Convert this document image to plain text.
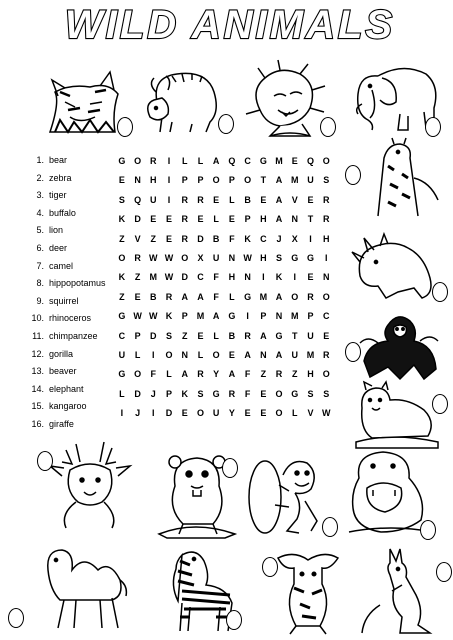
WILD ANIMALS
1. bear
2. zebra
3. tiger
4. buffalo
5. lion
6. deer
7. camel
8. hippopotamus
9. squirrel
10. rhinoceros
11. chimpanzee
12. gorilla
13. beaver
14. elephant
15. kangaroo
16. giraffe
G O R	I	L	L	A Q C G M E	Q O
E	N	H	I	P	P	O	P	O	T	A M U	S
S	Q U	I	R	R	E	L	B	E	A	V	E	R
K	D	E	E	R	E	L	E	P	H	A	N	T	R
Z	V	Z	E	R	D	B	F	K	C	J	X	I	H
O R W W O	X	U	N W H	S	G G	I
K	Z	M W D	C	F	H	N	I	K	I	E	N
Z	E	B	R	A	A	F	L	G M A O R O
G W W K	P M A G	I	P	N M P	C
C	P	D	S	Z	E	L	B	R	A G	T	U	E
U	L	I	O N	L	O	E	A	N	A	U M R
G O	F	L	A	R	Y	A	F	Z	R	Z	H O
L	D	J	P	K	S	G R	F	E	O G	S	S
I	J	I	D	E	O U	Y	E	E	O	L	V W
